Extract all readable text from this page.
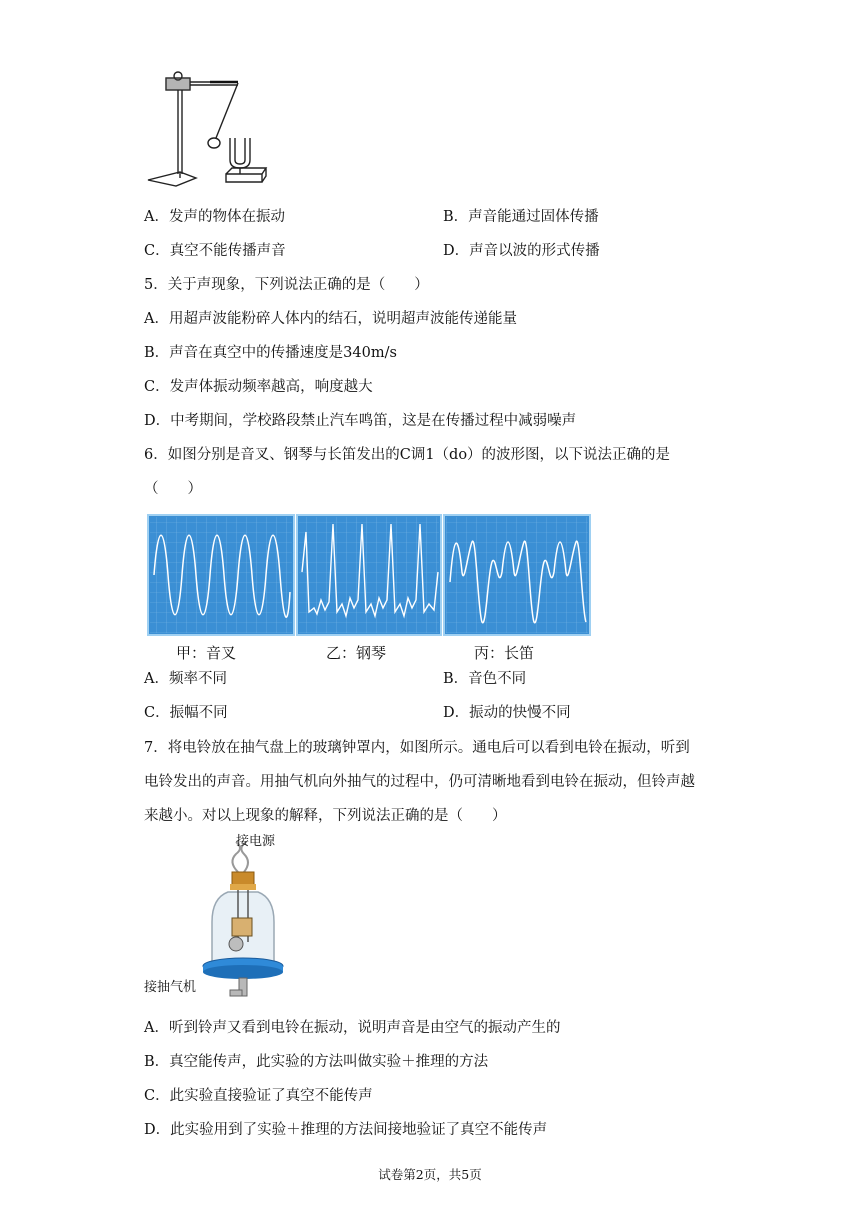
A．发声的物体在振动	B．声音能通过固体传播
C．真空不能传播声音	D．声音以波的形式传播
5．关于声现象，下列说法正确的是（　　）
A．用超声波能粉碎人体内的结石，说明超声波能传递能量
B．声音在真空中的传播速度是340m/s
C．发声体振动频率越高，响度越大
D．中考期间，学校路段禁止汽车鸣笛，这是在传播过程中减弱噪声
6．如图分别是音叉、钢琴与长笛发出的C调1（do）的波形图，以下说法正确的是
（　　）
甲：音叉	乙：钢琴	丙：长笛
A．频率不同	B．音色不同
C．振幅不同	D．振动的快慢不同
7．将电铃放在抽气盘上的玻璃钟罩内，如图所示。通电后可以看到电铃在振动，听到
电铃发出的声音。用抽气机向外抽气的过程中，仍可清晰地看到电铃在振动，但铃声越
来越小。对以上现象的解释，下列说法正确的是（　　）
接电源
接抽气机
A．听到铃声又看到电铃在振动，说明声音是由空气的振动产生的
B．真空能传声，此实验的方法叫做实验＋推理的方法
C．此实验直接验证了真空不能传声
D．此实验用到了实验＋推理的方法间接地验证了真空不能传声
试卷第2页，共5页
